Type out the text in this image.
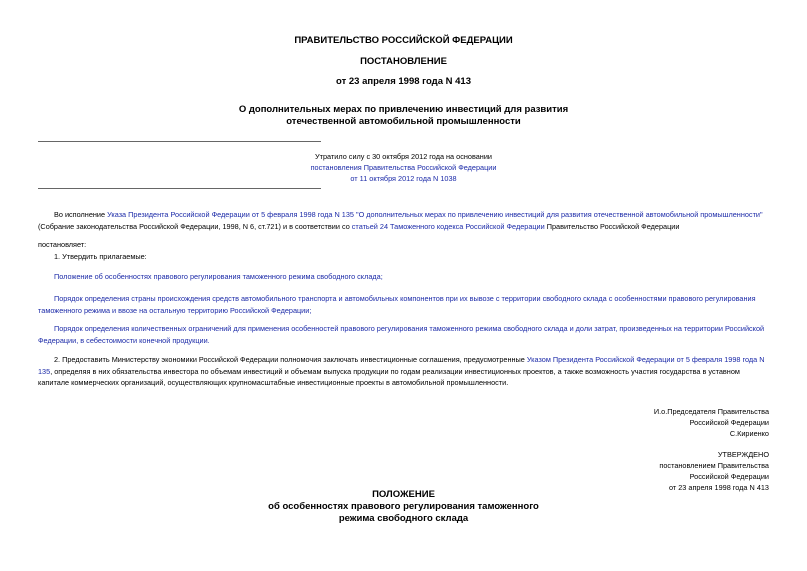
ПРАВИТЕЛЬСТВО РОССИЙСКОЙ ФЕДЕРАЦИИ
ПОСТАНОВЛЕНИЕ
от 23 апреля 1998 года N 413
О дополнительных мерах по привлечению инвестиций для развития
отечественной автомобильной промышленности
Утратило силу с 30 октября 2012 года на основании
постановления Правительства Российской Федерации
от 11 октября 2012 года N 1038
Во исполнение Указа Президента Российской Федерации от 5 февраля 1998 года N 135 "О дополнительных мерах по привлечению инвестиций для развития отечественной автомобильной промышленности" (Собрание законодательства Российской Федерации, 1998, N 6, ст.721) и в соответствии со статьей 24 Таможенного кодекса Российской Федерации Правительство Российской Федерации
постановляет:
1. Утвердить прилагаемые:
Положение об особенностях правового регулирования таможенного режима свободного склада;
Порядок определения страны происхождения средств автомобильного транспорта и автомобильных компонентов при их вывозе с территории свободного склада с особенностями правового регулирования таможенного режима и ввозе на остальную территорию Российской Федерации;
Порядок определения количественных ограничений для применения особенностей правового регулирования таможенного режима свободного склада и доли затрат, произведенных на территории Российской Федерации, в себестоимости конечной продукции.
2. Предоставить Министерству экономики Российской Федерации полномочия заключать инвестиционные соглашения, предусмотренные Указом Президента Российской Федерации от 5 февраля 1998 года N 135, определяя в них обязательства инвестора по объемам инвестиций и объемам выпуска продукции по годам реализации инвестиционных проектов, а также возможность участия государства в уставном капитале коммерческих организаций, осуществляющих крупномасштабные инвестиционные проекты в автомобильной промышленности.
И.о.Председателя Правительства
Российской Федерации
С.Кириенко
УТВЕРЖДЕНО
постановлением Правительства
Российской Федерации
от 23 апреля 1998 года N 413
ПОЛОЖЕНИЕ
об особенностях правового регулирования таможенного
режима свободного склада
